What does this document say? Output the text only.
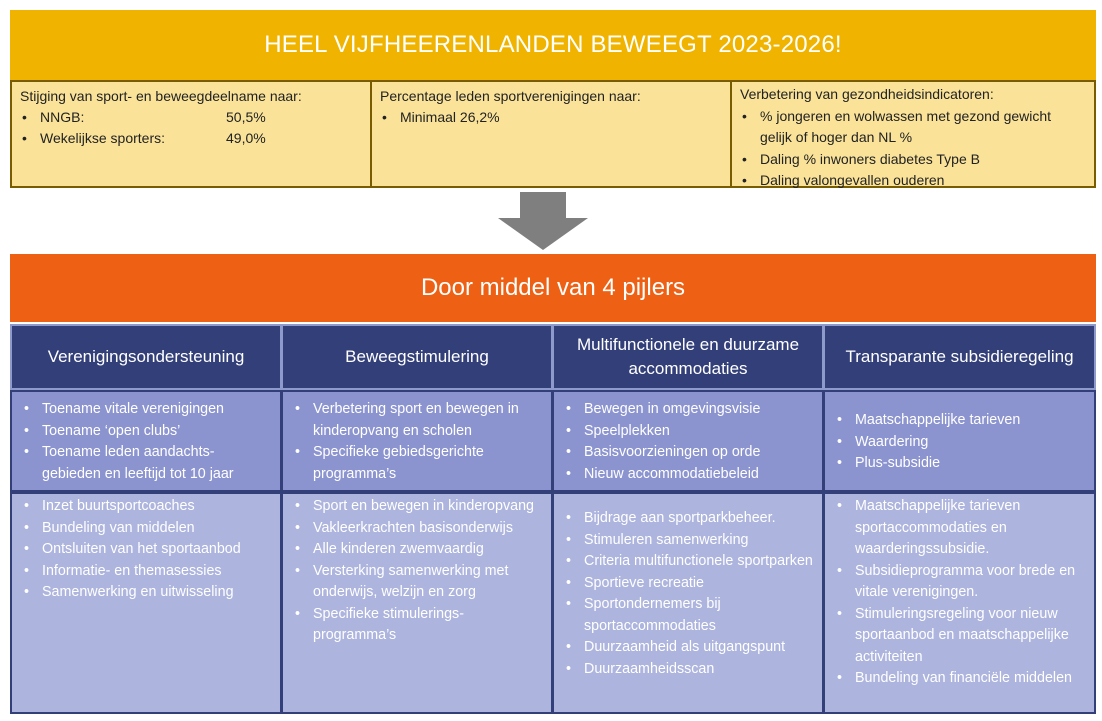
HEEL VIJFHEERENLANDEN BEWEEGT 2023-2026!
Stijging van sport- en beweegdeelname naar:
• NNGB:	50,5%
• Wekelijkse sporters:	49,0%
Percentage leden sportverenigingen naar:
• Minimaal 26,2%
Verbetering van gezondheidsindicatoren:
• % jongeren en wolwassen met gezond gewicht gelijk of hoger dan NL %
• Daling % inwoners diabetes Type B
• Daling valongevallen ouderen
Door middel van 4 pijlers
Verenigingsondersteuning
• Toename vitale verenigingen
• Toename ‘open clubs’
• Toename leden aandachts-gebieden en leeftijd tot 10 jaar
• Inzet buurtsportcoaches
• Bundeling van middelen
• Ontsluiten van het sportaanbod
• Informatie- en themasessies
• Samenwerking en uitwisseling
Beweegstimulering
• Verbetering sport en bewegen in kinderopvang en scholen
• Specifieke gebiedsgerichte programma’s
• Sport en bewegen in kinderopvang
• Vakleerkrachten basisonderwijs
• Alle kinderen zwemvaardig
• Versterking samenwerking met onderwijs, welzijn en zorg
• Specifieke stimulerings-programma’s
Multifunctionele en duurzame accommodaties
• Bewegen in omgevingsvisie
• Speelplekken
• Basisvoorzieningen op orde
• Nieuw accommodatiebeleid
• Bijdrage aan sportparkbeheer.
• Stimuleren samenwerking
• Criteria multifunctionele sportparken
• Sportieve recreatie
• Sportondernemers bij sportaccommodaties
• Duurzaamheid als uitgangspunt
• Duurzaamheidsscan
Transparante subsidieregeling
• Maatschappelijke tarieven
• Waardering
• Plus-subsidie
• Maatschappelijke tarieven sportaccommodaties en waarderingssubsidie.
• Subsidieprogramma voor brede en vitale verenigingen.
• Stimuleringsregeling voor nieuw sportaanbod en maatschappelijke activiteiten
• Bundeling van financiële middelen
